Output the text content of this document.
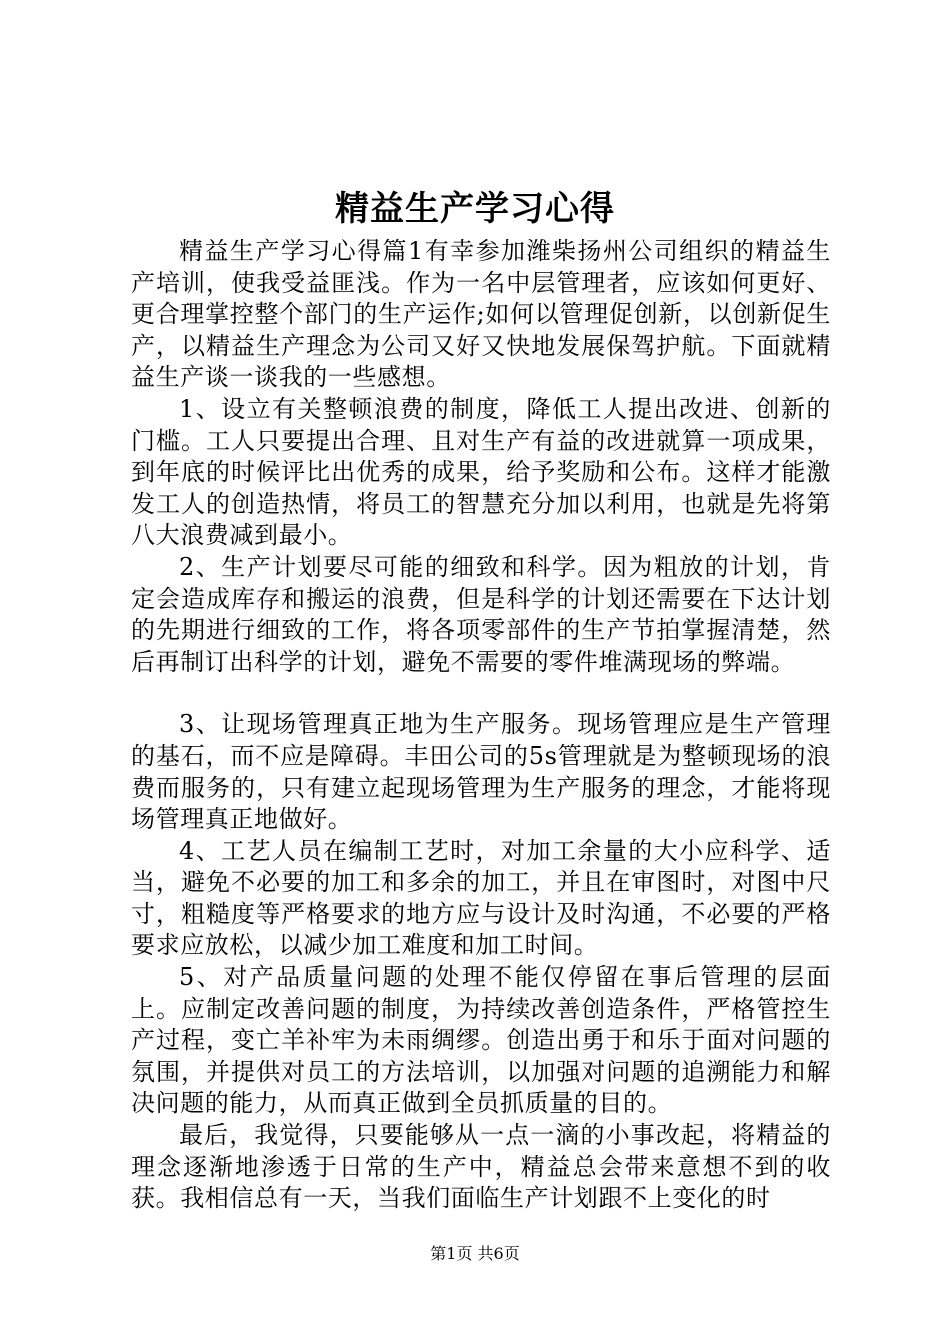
精益生产学习心得

精益生产学习心得篇1有幸参加潍柴扬州公司组织的精益生产培训，使我受益匪浅。作为一名中层管理者，应该如何更好、更合理掌控整个部门的生产运作;如何以管理促创新，以创新促生产，以精益生产理念为公司又好又快地发展保驾护航。下面就精益生产谈一谈我的一些感想。

1、设立有关整顿浪费的制度，降低工人提出改进、创新的门槛。工人只要提出合理、且对生产有益的改进就算一项成果，到年底的时候评比出优秀的成果，给予奖励和公布。这样才能激发工人的创造热情，将员工的智慧充分加以利用，也就是先将第八大浪费减到最小。

2、生产计划要尽可能的细致和科学。因为粗放的计划，肯定会造成库存和搬运的浪费，但是科学的计划还需要在下达计划的先期进行细致的工作，将各项零部件的生产节拍掌握清楚，然后再制订出科学的计划，避免不需要的零件堆满现场的弊端。

3、让现场管理真正地为生产服务。现场管理应是生产管理的基石，而不应是障碍。丰田公司的5s管理就是为整顿现场的浪费而服务的，只有建立起现场管理为生产服务的理念，才能将现场管理真正地做好。

4、工艺人员在编制工艺时，对加工余量的大小应科学、适当，避免不必要的加工和多余的加工，并且在审图时，对图中尺寸，粗糙度等严格要求的地方应与设计及时沟通，不必要的严格要求应放松，以减少加工难度和加工时间。

5、对产品质量问题的处理不能仅停留在事后管理的层面上。应制定改善问题的制度，为持续改善创造条件，严格管控生产过程，变亡羊补牢为未雨绸缪。创造出勇于和乐于面对问题的氛围，并提供对员工的方法培训，以加强对问题的追溯能力和解决问题的能力，从而真正做到全员抓质量的目的。

最后，我觉得，只要能够从一点一滴的小事改起，将精益的理念逐渐地渗透于日常的生产中，精益总会带来意想不到的收获。我相信总有一天，当我们面临生产计划跟不上变化的时

第1页 共6页
